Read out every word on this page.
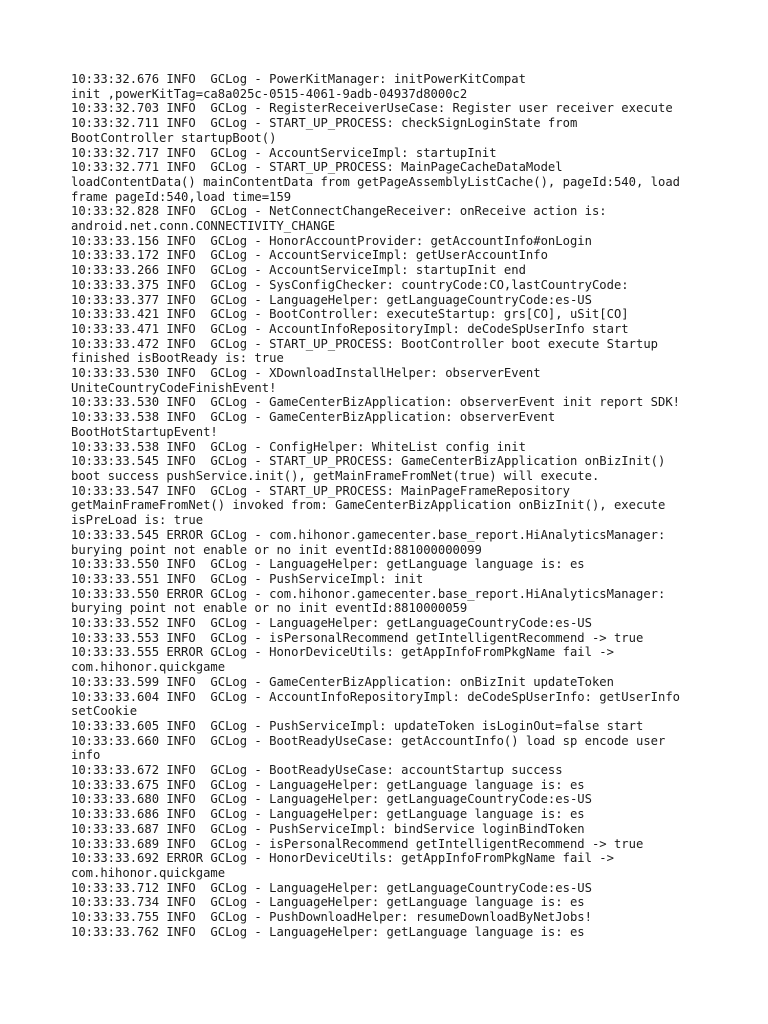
10:33:32.676 INFO  GCLog - PowerKitManager: initPowerKitCompat
init ,powerKitTag=ca8a025c-0515-4061-9adb-04937d8000c2
10:33:32.703 INFO  GCLog - RegisterReceiverUseCase: Register user receiver execute
10:33:32.711 INFO  GCLog - START_UP_PROCESS: checkSignLoginState from
BootController startupBoot()
10:33:32.717 INFO  GCLog - AccountServiceImpl: startupInit
10:33:32.771 INFO  GCLog - START_UP_PROCESS: MainPageCacheDataModel
loadContentData() mainContentData from getPageAssemblyListCache(), pageId:540, load
frame pageId:540,load time=159
10:33:32.828 INFO  GCLog - NetConnectChangeReceiver: onReceive action is:
android.net.conn.CONNECTIVITY_CHANGE
10:33:33.156 INFO  GCLog - HonorAccountProvider: getAccountInfo#onLogin
10:33:33.172 INFO  GCLog - AccountServiceImpl: getUserAccountInfo
10:33:33.266 INFO  GCLog - AccountServiceImpl: startupInit end
10:33:33.375 INFO  GCLog - SysConfigChecker: countryCode:CO,lastCountryCode:
10:33:33.377 INFO  GCLog - LanguageHelper: getLanguageCountryCode:es-US
10:33:33.421 INFO  GCLog - BootController: executeStartup: grs[CO], uSit[CO]
10:33:33.471 INFO  GCLog - AccountInfoRepositoryImpl: deCodeSpUserInfo start
10:33:33.472 INFO  GCLog - START_UP_PROCESS: BootController boot execute Startup
finished isBootReady is: true
10:33:33.530 INFO  GCLog - XDownloadInstallHelper: observerEvent
UniteCountryCodeFinishEvent!
10:33:33.530 INFO  GCLog - GameCenterBizApplication: observerEvent init report SDK!
10:33:33.538 INFO  GCLog - GameCenterBizApplication: observerEvent
BootHotStartupEvent!
10:33:33.538 INFO  GCLog - ConfigHelper: WhiteList config init
10:33:33.545 INFO  GCLog - START_UP_PROCESS: GameCenterBizApplication onBizInit()
boot success pushService.init(), getMainFrameFromNet(true) will execute.
10:33:33.547 INFO  GCLog - START_UP_PROCESS: MainPageFrameRepository
getMainFrameFromNet() invoked from: GameCenterBizApplication onBizInit(), execute
isPreLoad is: true
10:33:33.545 ERROR GCLog - com.hihonor.gamecenter.base_report.HiAnalyticsManager:
burying point not enable or no init eventId:881000000099
10:33:33.550 INFO  GCLog - LanguageHelper: getLanguage language is: es
10:33:33.551 INFO  GCLog - PushServiceImpl: init
10:33:33.550 ERROR GCLog - com.hihonor.gamecenter.base_report.HiAnalyticsManager:
burying point not enable or no init eventId:8810000059
10:33:33.552 INFO  GCLog - LanguageHelper: getLanguageCountryCode:es-US
10:33:33.553 INFO  GCLog - isPersonalRecommend getIntelligentRecommend -> true
10:33:33.555 ERROR GCLog - HonorDeviceUtils: getAppInfoFromPkgName fail ->
com.hihonor.quickgame
10:33:33.599 INFO  GCLog - GameCenterBizApplication: onBizInit updateToken
10:33:33.604 INFO  GCLog - AccountInfoRepositoryImpl: deCodeSpUserInfo: getUserInfo
setCookie
10:33:33.605 INFO  GCLog - PushServiceImpl: updateToken isLoginOut=false start
10:33:33.660 INFO  GCLog - BootReadyUseCase: getAccountInfo() load sp encode user
info
10:33:33.672 INFO  GCLog - BootReadyUseCase: accountStartup success
10:33:33.675 INFO  GCLog - LanguageHelper: getLanguage language is: es
10:33:33.680 INFO  GCLog - LanguageHelper: getLanguageCountryCode:es-US
10:33:33.686 INFO  GCLog - LanguageHelper: getLanguage language is: es
10:33:33.687 INFO  GCLog - PushServiceImpl: bindService loginBindToken
10:33:33.689 INFO  GCLog - isPersonalRecommend getIntelligentRecommend -> true
10:33:33.692 ERROR GCLog - HonorDeviceUtils: getAppInfoFromPkgName fail ->
com.hihonor.quickgame
10:33:33.712 INFO  GCLog - LanguageHelper: getLanguageCountryCode:es-US
10:33:33.734 INFO  GCLog - LanguageHelper: getLanguage language is: es
10:33:33.755 INFO  GCLog - PushDownloadHelper: resumeDownloadByNetJobs!
10:33:33.762 INFO  GCLog - LanguageHelper: getLanguage language is: es
